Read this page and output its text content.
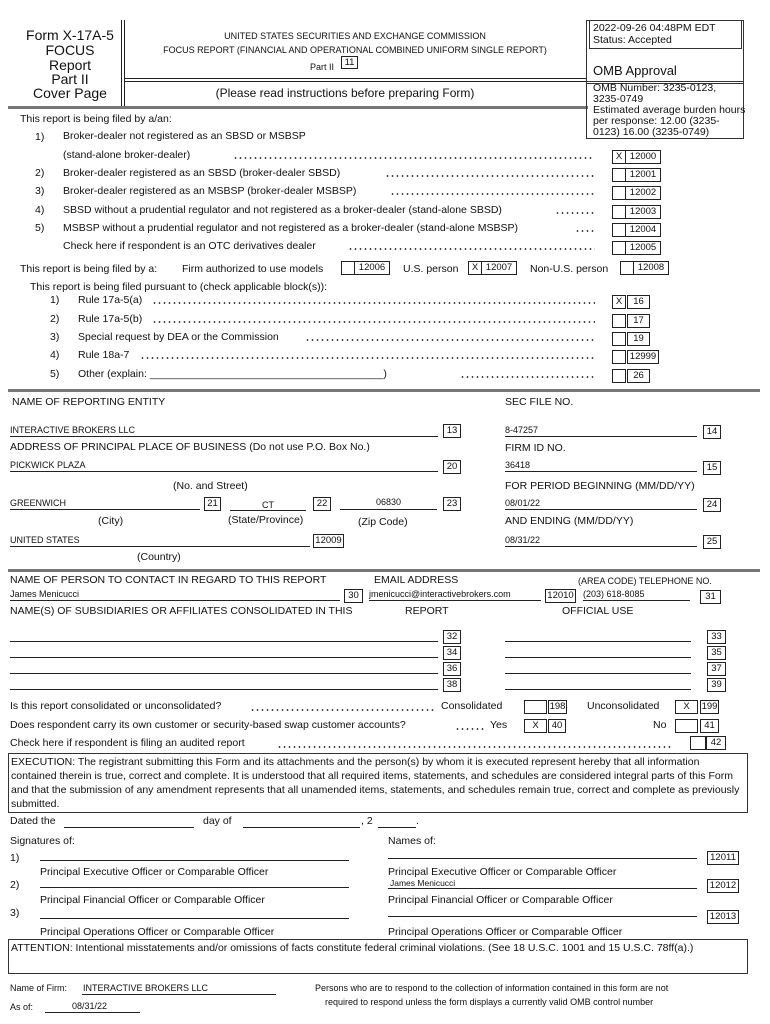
Form X-17A-5
FOCUS
Report
Part II
Cover Page
UNITED STATES SECURITIES AND EXCHANGE COMMISSION
FOCUS REPORT (FINANCIAL AND OPERATIONAL COMBINED UNIFORM SINGLE REPORT)
Part II	11
(Please read instructions before preparing Form)
2022-09-26 04:48PM EDT
Status: Accepted
OMB Approval
OMB Number: 3235-0123,
3235-0749
Estimated average burden hours
per response: 12.00 (3235-
0123) 16.00 (3235-0749)
This report is being filed by a/an:
1) Broker-dealer not registered as an SBSD or MSBSP
(stand-alone broker-dealer)	X 12000
2) Broker-dealer registered as an SBSD (broker-dealer SBSD)	12001
3) Broker-dealer registered as an MSBSP (broker-dealer MSBSP)	12002
4) SBSD without a prudential regulator and not registered as a broker-dealer (stand-alone SBSD)	12003
5) MSBSP without a prudential regulator and not registered as a broker-dealer (stand-alone MSBSP)	12004
Check here if respondent is an OTC derivatives dealer	12005
This report is being filed by a: Firm authorized to use models	12006	U.S. person	X 12007	Non-U.S. person	12008
This report is being filed pursuant to (check applicable block(s)):
1) Rule 17a-5(a)	X	16
2) Rule 17a-5(b)	17
3) Special request by DEA or the Commission	19
4) Rule 18a-7	12999
5) Other (explain: ________________________________________)	26
NAME OF REPORTING ENTITY	SEC FILE NO.
INTERACTIVE BROKERS LLC	13	8-47257	14
ADDRESS OF PRINCIPAL PLACE OF BUSINESS (Do not use P.O. Box No.)	FIRM ID NO.
PICKWICK PLAZA	20	36418	15
(No. and Street)	FOR PERIOD BEGINNING (MM/DD/YY)
GREENWICH	21	CT	22	06830	23	08/01/22	24
(City)	(State/Province)	(Zip Code)	AND ENDING (MM/DD/YY)
UNITED STATES	12009	08/31/22	25
(Country)
NAME OF PERSON TO CONTACT IN REGARD TO THIS REPORT	EMAIL ADDRESS	(AREA CODE) TELEPHONE NO.
James Menicucci	30	jmenicucci@interactivebrokers.com	12010 (203) 618-8085	31
NAME(S) OF SUBSIDIARIES OR AFFILIATES CONSOLIDATED IN THIS	REPORT	OFFICIAL USE
32	33
34	35
36	37
38	39
Is this report consolidated or unconsolidated?	Consolidated	198 Unconsolidated	X	199
Does respondent carry its own customer or security-based swap customer accounts?	Yes	X	40	No	41
Check here if respondent is filing an audited report	42
EXECUTION: The registrant submitting this Form and its attachments and the person(s) by whom it is executed represent hereby that all information contained therein is true, correct and complete. It is understood that all required items, statements, and schedules are considered integral parts of this Form and that the submission of any amendment represents that all unamended items, statements, and schedules remain true, correct and complete as previously submitted.
Dated the	day of	, 2	.
Signatures of:	Names of:
1)	12011
Principal Executive Officer or Comparable Officer	Principal Executive Officer or Comparable Officer
2)	James Menicucci	12012
Principal Financial Officer or Comparable Officer	Principal Financial Officer or Comparable Officer
3)	12013
Principal Operations Officer or Comparable Officer	Principal Operations Officer or Comparable Officer
ATTENTION: Intentional misstatements and/or omissions of facts constitute federal criminal violations. (See 18 U.S.C. 1001 and 15 U.S.C. 78ff(a).)
Name of Firm: INTERACTIVE BROKERS LLC
As of:	08/31/22
Persons who are to respond to the collection of information contained in this form are not
required to respond unless the form displays a currently valid OMB control number
